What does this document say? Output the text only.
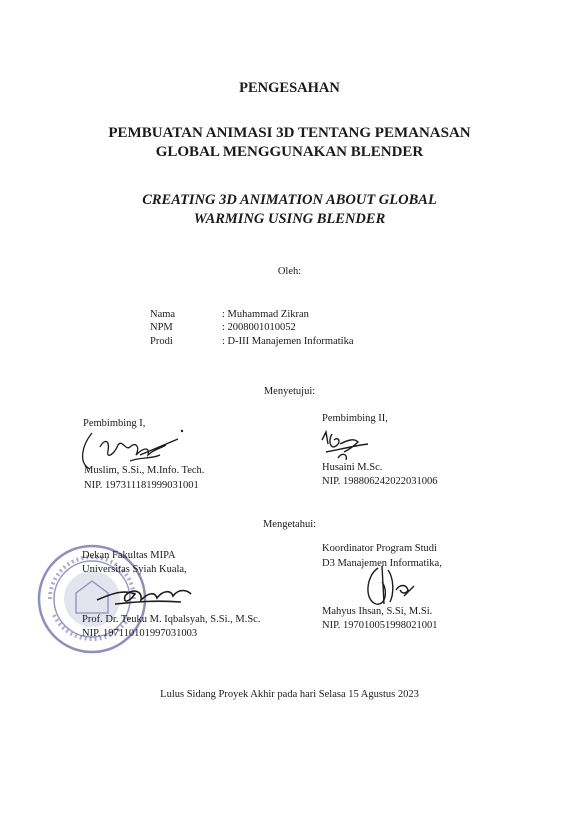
PENGESAHAN
PEMBUATAN ANIMASI 3D TENTANG PEMANASAN
GLOBAL MENGGUNAKAN BLENDER
CREATING 3D ANIMATION ABOUT GLOBAL
WARMING USING BLENDER
Oleh:
Nama	: Muhammad Zikran
NPM	: 2008001010052
Prodi	: D-III Manajemen Informatika
Menyetujui:
Pembimbing I,
Muslim, S.Si., M.Info. Tech.
NIP. 197311181999031001
Pembimbing II,
Husaini M.Sc.
NIP. 198806242022031006
Mengetahui:
Dekan Fakultas MIPA
Universitas Syiah Kuala,
Prof. Dr. Teuku M. Iqbalsyah, S.Si., M.Sc.
NIP. 197110101997031003
Koordinator Program Studi
D3 Manajemen Informatika,
Mahyus Ihsan, S.Si, M.Si.
NIP. 197010051998021001
Lulus Sidang Proyek Akhir pada hari Selasa 15 Agustus 2023
